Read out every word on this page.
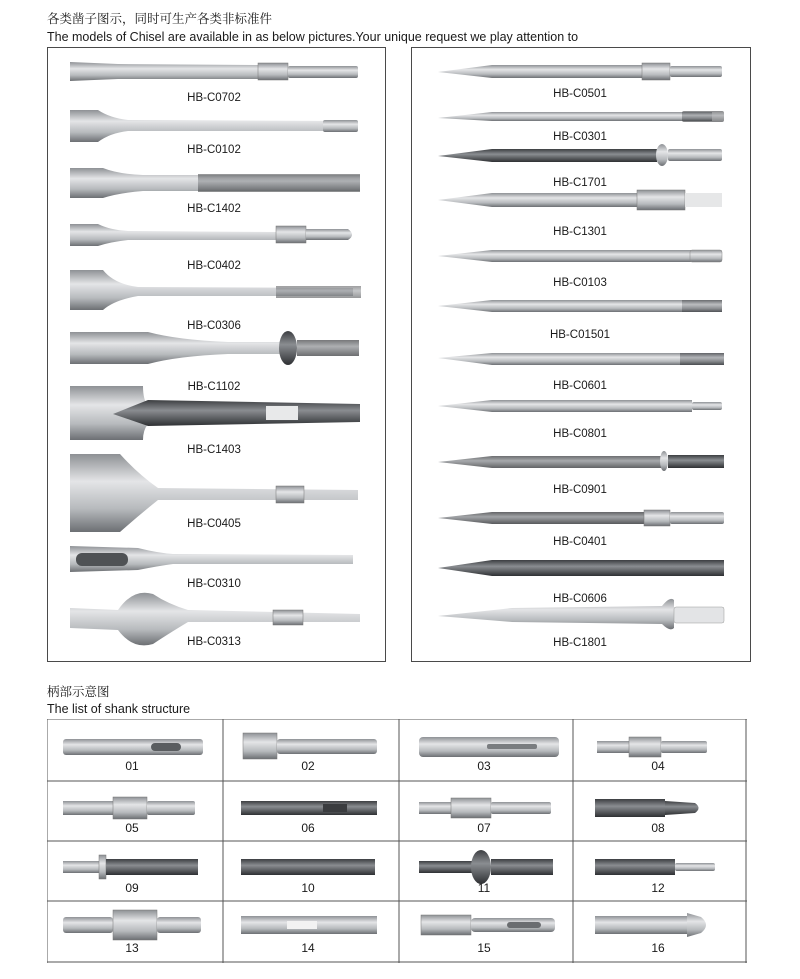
各类凿子图示，同时可生产各类非标准件
The models of Chisel are available in as below pictures.Your unique request we play attention to
HB-C0702
HB-C0102
HB-C1402
HB-C0402
HB-C0306
HB-C1102
HB-C1403
HB-C0405
HB-C0310
HB-C0313
HB-C0501
HB-C0301
HB-C1701
HB-C1301
HB-C0103
HB-C01501
HB-C0601
HB-C0801
HB-C0901
HB-C0401
HB-C0606
HB-C1801
柄部示意图
The list of shank structure
01	02	03	04
05	06	07	08
09	10	11	12
13	14	15	16
